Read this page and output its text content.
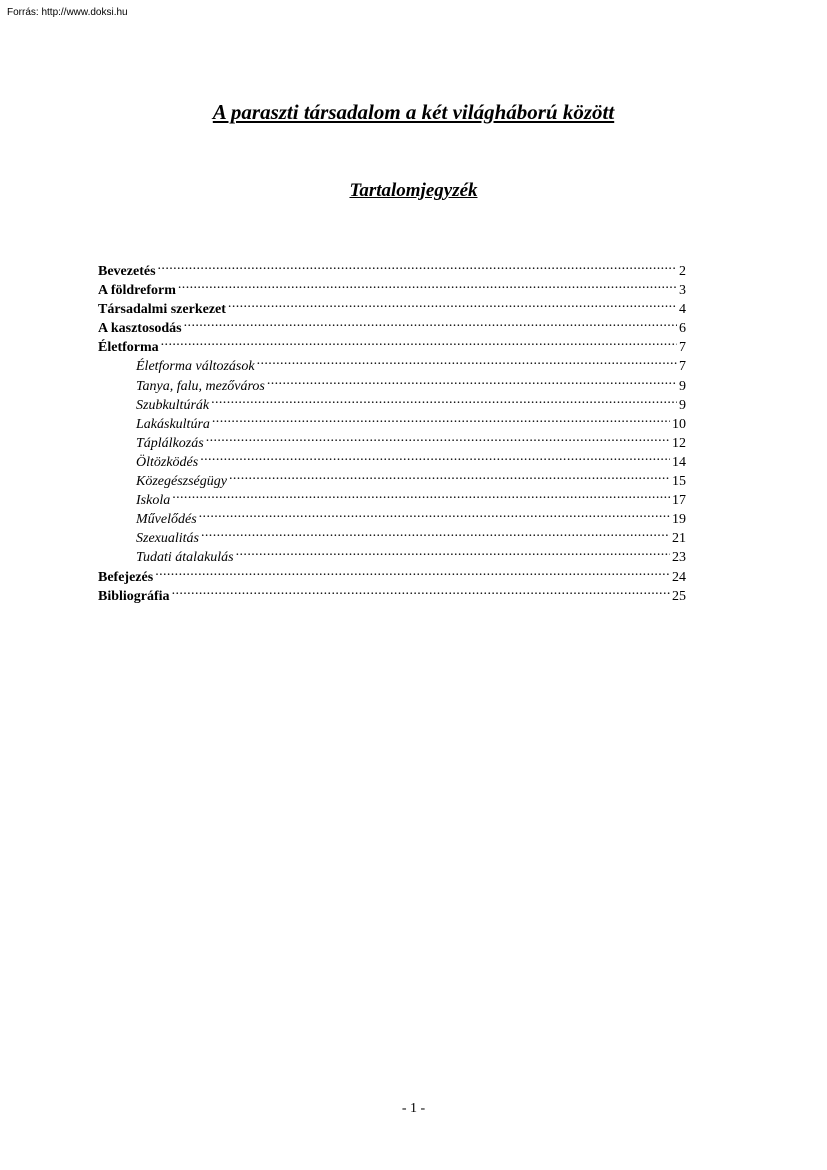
Forrás: http://www.doksi.hu
A paraszti társadalom a két világháború között
Tartalomjegyzék
Bevezetés .....	2
A földreform .....	3
Társadalmi szerkezet .....	4
A kasztosodás .....	6
Életforma .....	7
Életforma változások .....	7
Tanya, falu, mezőváros .....	9
Szubkultúrák .....	9
Lakáskultúra .....	10
Táplálkozás .....	12
Öltözködés .....	14
Közegészségügy .....	15
Iskola .....	17
Művelődés .....	19
Szexualitás .....	21
Tudati átalakulás .....	23
Befejezés .....	24
Bibliográfia .....	25
- 1 -
